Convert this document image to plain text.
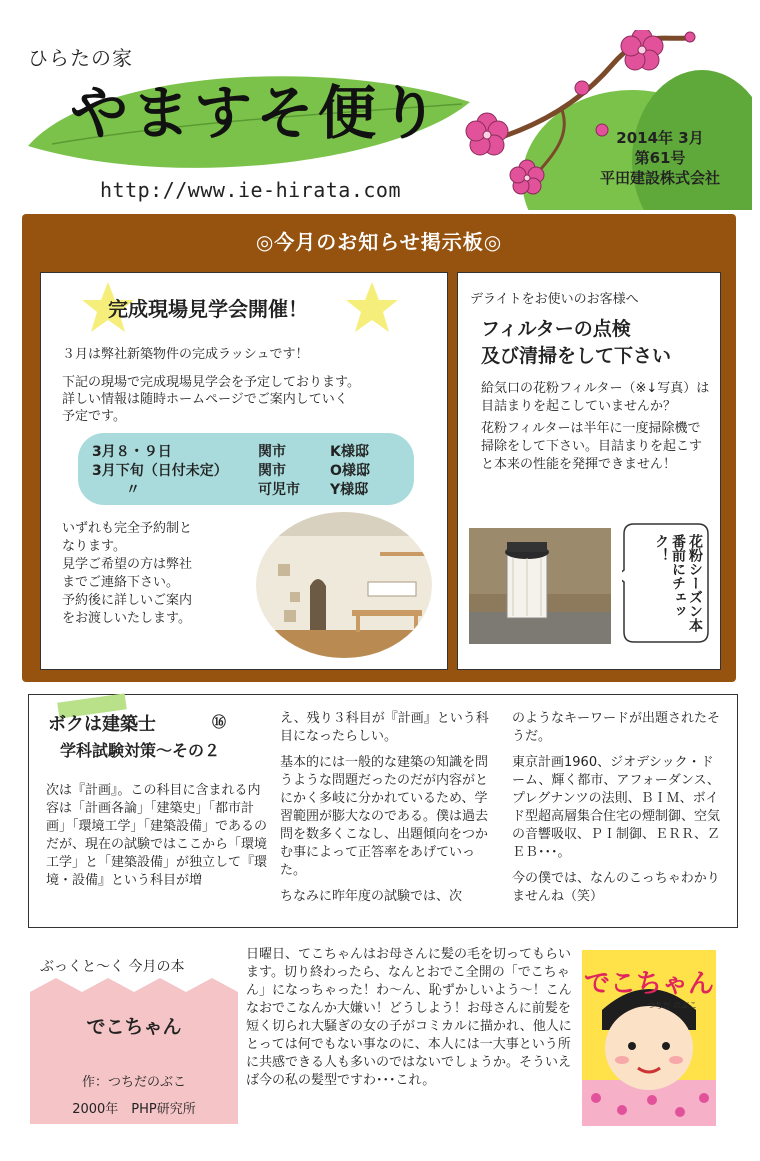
ひらたの家
やますそ便り
http://www.ie-hirata.com
2014年 3月
第61号
平田建設株式会社
◎今月のお知らせ掲示板◎
完成現場見学会開催！
３月は弊社新築物件の完成ラッシュです！
下記の現場で完成現場見学会を予定しております。
詳しい情報は随時ホームページでご案内していく
予定です。
3月８・９日	関市	K様邸
3月下旬（日付未定） 関市	O様邸
〃	可児市 Y様邸
いずれも完全予約制と
なります。
見学ご希望の方は弊社
までご連絡下さい。
予約後に詳しいご案内
をお渡しいたします。
デライトをお使いのお客様へ
フィルターの点検
及び清掃をして下さい
給気口の花粉フィルター（※↓写真）は目詰まりを起こしていませんか？
花粉フィルターは半年に一度掃除機で掃除をして下さい。目詰まりを起こすと本来の性能を発揮できません！
花粉シーズン本番前にチェック！
ボクは建築士	⑯
学科試験対策～その２
次は『計画』。この科目に含まれる内容は「計画各論」「建築史」「都市計画」「環境工学」「建築設備」であるのだが、現在の試験ではここから「環境工学」と「建築設備」が独立して『環境・設備』という科目が増

え、残り３科目が『計画』という科目になったらしい。

基本的には一般的な建築の知識を問うような問題だったのだが内容がとにかく多岐に分かれているため、学習範囲が膨大なのである。僕は過去問を数多くこなし、出題傾向をつかむ事によって正答率をあげていった。

ちなみに昨年度の試験では、次

のようなキーワードが出題されたそうだ。

東京計画1960、ジオデシック・ドーム、輝く都市、アフォーダンス、プレグナンツの法則、ＢＩＭ、ボイド型超高層集合住宅の煙制御、空気の音響吸収、ＰＩ制御、ＥＲＲ、ＺＥＢ･･･。

今の僕では、なんのこっちゃわかりませんね（笑）

ぶっくと～く 今月の本
でこちゃん
作：つちだのぶこ
2000年　PHP研究所
日曜日、てこちゃんはお母さんに髪の毛を切ってもらいます。切り終わったら、なんとおでこ全開の「でこちゃん」になっちゃった！わ～ん、恥ずかしいよう～！こんなおでこなんか大嫌い！どうしよう！お母さんに前髪を短く切られ大騒ぎの女の子がコミカルに描かれ、他人にとっては何でもない事なのに、本人には一大事という所に共感できる人も多いのではないでしょうか。そういえば今の私の髪型ですわ･･･これ。
でこちゃん
つちだ のぶこ
